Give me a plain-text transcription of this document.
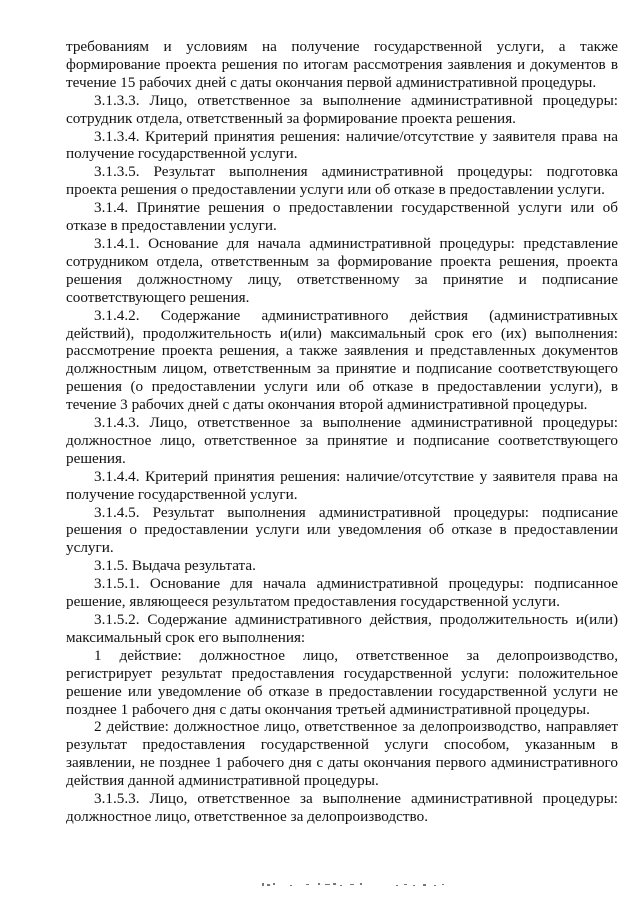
требованиям и условиям на получение государственной услуги, а также формирование проекта решения по итогам рассмотрения заявления и документов в течение 15 рабочих дней с даты окончания первой административной процедуры.

3.1.3.3. Лицо, ответственное за выполнение административной процедуры: сотрудник отдела, ответственный за формирование проекта решения.

3.1.3.4. Критерий принятия решения: наличие/отсутствие у заявителя права на получение государственной услуги.

3.1.3.5. Результат выполнения административной процедуры: подготовка проекта решения о предоставлении услуги или об отказе в предоставлении услуги.

3.1.4. Принятие решения о предоставлении государственной услуги или об отказе в предоставлении услуги.

3.1.4.1. Основание для начала административной процедуры: представление сотрудником отдела, ответственным за формирование проекта решения, проекта решения должностному лицу, ответственному за принятие и подписание соответствующего решения.

3.1.4.2. Содержание административного действия (административных действий), продолжительность и(или) максимальный срок его (их) выполнения: рассмотрение проекта решения, а также заявления и представленных документов должностным лицом, ответственным за принятие и подписание соответствующего решения (о предоставлении услуги или об отказе в предоставлении услуги), в течение 3 рабочих дней с даты окончания второй административной процедуры.

3.1.4.3. Лицо, ответственное за выполнение административной процедуры: должностное лицо, ответственное за принятие и подписание соответствующего решения.

3.1.4.4. Критерий принятия решения: наличие/отсутствие у заявителя права на получение государственной услуги.

3.1.4.5. Результат выполнения административной процедуры: подписание решения о предоставлении услуги или уведомления об отказе в предоставлении услуги.

3.1.5. Выдача результата.

3.1.5.1. Основание для начала административной процедуры: подписанное решение, являющееся результатом предоставления государственной услуги.

3.1.5.2. Содержание административного действия, продолжительность и(или) максимальный срок его выполнения:

1 действие: должностное лицо, ответственное за делопроизводство, регистрирует результат предоставления государственной услуги: положительное решение или уведомление об отказе в предоставлении государственной услуги не позднее 1 рабочего дня с даты окончания третьей административной процедуры.

2 действие: должностное лицо, ответственное за делопроизводство, направляет результат предоставления государственной услуги способом, указанным в заявлении, не позднее 1 рабочего дня с даты окончания первого административного действия данной административной процедуры.

3.1.5.3. Лицо, ответственное за выполнение административной процедуры: должностное лицо, ответственное за делопроизводство.
